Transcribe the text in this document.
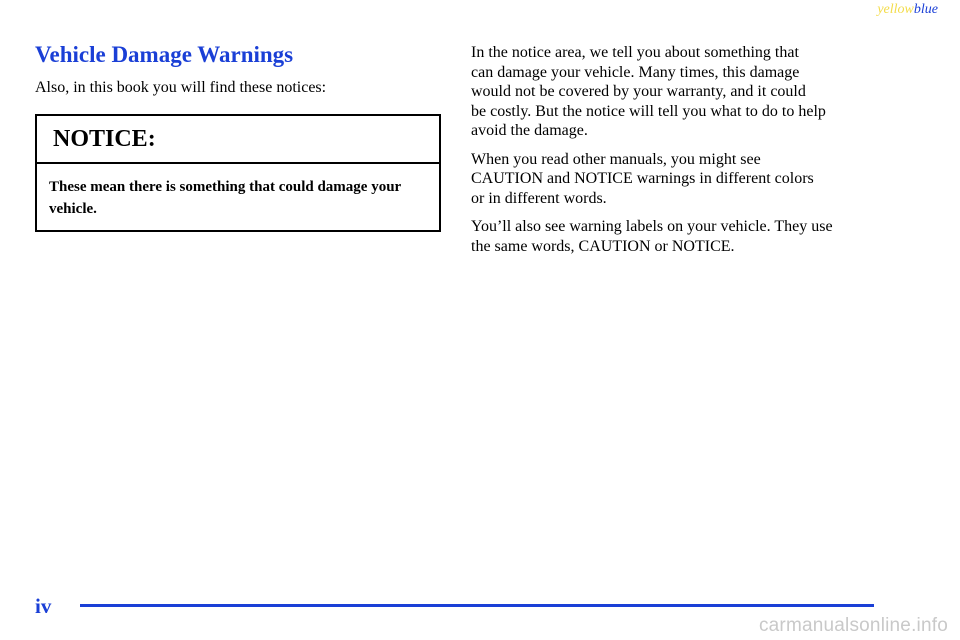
yellowblue
Vehicle Damage Warnings

Also, in this book you will find these notices:

NOTICE:
These mean there is something that could damage your vehicle.

In the notice area, we tell you about something that
can damage your vehicle. Many times, this damage
would not be covered by your warranty, and it could
be costly. But the notice will tell you what to do to help
avoid the damage.

When you read other manuals, you might see
CAUTION and NOTICE warnings in different colors
or in different words.

You’ll also see warning labels on your vehicle. They use
the same words, CAUTION or NOTICE.

iv
carmanualsonline.info
